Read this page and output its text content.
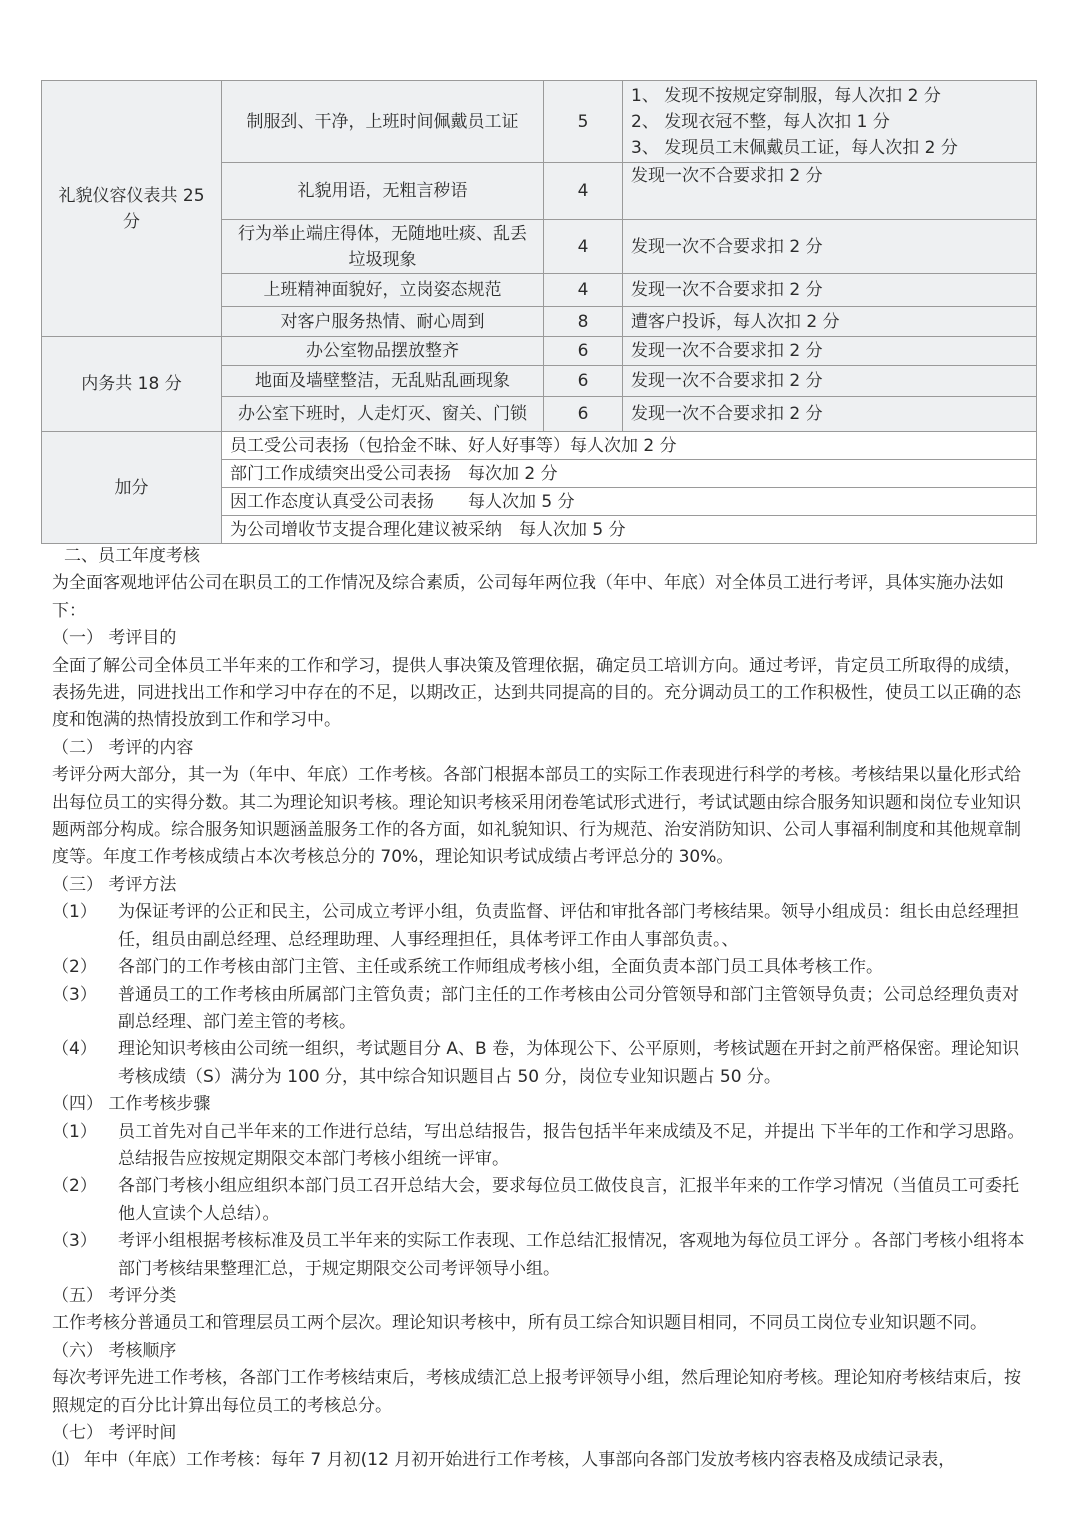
礼貌仪容仪表共 25 分	制服刭、干净，上班时间佩戴员工证	5	1、 发现不按规定穿制服，每人次扣 2 分
2、 发现衣冠不整，每人次扣 1 分
3、 发现员工末佩戴员工证，每人次扣 2 分

	礼貌用语，无粗言秽语	4	发现一次不合要求扣 2 分
	行为举止端庄得体，无随地吐痰、乱丢垃圾现象	4	发现一次不合要求扣 2 分
	上班精神面貌好，立岗姿态规范	4	发现一次不合要求扣 2 分
	对客户服务热情、耐心周到	8	遭客户投诉，每人次扣 2 分
内务共 18 分	办公室物品摆放整齐	6	发现一次不合要求扣 2 分
	地面及墙壁整洁，无乱贴乱画现象	6	发现一次不合要求扣 2 分
	办公室下班时，人走灯灭、窗关、门锁	6	发现一次不合要求扣 2 分
加分	员工受公司表扬（包拾金不昧、好人好事等）每人次加 2 分		
	部门工作成绩突出受公司表扬　每次加 2 分		
	因工作态度认真受公司表扬　　每人次加 5 分		
	为公司增收节支提合理化建议被采纳　每人次加 5 分		

二、员工年度考核

为全面客观地评估公司在职员工的工作情况及综合素质，公司每年两位我（年中、年底）对全体员工进行考评，具体实施办法如下：

（一） 考评目的

全面了解公司全体员工半年来的工作和学习，提供人事决策及管理依据，确定员工培训方向。通过考评，肯定员工所取得的成绩，表扬先进，同进找出工作和学习中存在的不足，以期改正，达到共同提高的目的。充分调动员工的工作积极性，使员工以正确的态度和饱满的热情投放到工作和学习中。

（二） 考评的内容

考评分两大部分，其一为（年中、年底）工作考核。各部门根据本部员工的实际工作表现进行科学的考核。考核结果以量化形式给出每位员工的实得分数。其二为理论知识考核。理论知识考核采用闭卷笔试形式进行，考试试题由综合服务知识题和岗位专业知识题两部分构成。综合服务知识题涵盖服务工作的各方面，如礼貌知识、行为规范、治安消防知识、公司人事福利制度和其他规章制度等。年度工作考核成绩占本次考核总分的 70%，理论知识考试成绩占考评总分的 30%。

（三） 考评方法

（1）	为保证考评的公正和民主，公司成立考评小组，负责监督、评估和审批各部门考核结果。领导小组成员：组长由总经理担任，组员由副总经理、总经理助理、人事经理担任，具体考评工作由人事部负责。、
（2）	各部门的工作考核由部门主管、主任或系统工作师组成考核小组，全面负责本部门员工具体考核工作。
（3）	普通员工的工作考核由所属部门主管负责；部门主任的工作考核由公司分管领导和部门主管领导负责；公司总经理负责对副总经理、部门差主管的考核。
（4）	理论知识考核由公司统一组织，考试题目分 A、B 卷，为体现公下、公平原则，考核试题在开封之前严格保密。理论知识考核成绩（S）满分为 100 分，其中综合知识题目占 50 分，岗位专业知识题占 50 分。

（四） 工作考核步骤

（1）	员工首先对自己半年来的工作进行总结，写出总结报告，报告包括半年来成绩及不足，并提出 下半年的工作和学习思路。总结报告应按规定期限交本部门考核小组统一评审。
（2）	各部门考核小组应组织本部门员工召开总结大会，要求每位员工做伎良言，汇报半年来的工作学习情况（当值员工可委托他人宣读个人总结）。
（3）	考评小组根据考核标准及员工半年来的实际工作表现、工作总结汇报情况，客观地为每位员工评分 。各部门考核小组将本部门考核结果整理汇总，于规定期限交公司考评领导小组。

（五） 考评分类

工作考核分普通员工和管理层员工两个层次。理论知识考核中，所有员工综合知识题目相同，不同员工岗位专业知识题不同。

（六） 考核顺序

每次考评先进工作考核，各部门工作考核结束后，考核成绩汇总上报考评领导小组，然后理论知府考核。理论知府考核结束后，按照规定的百分比计算出每位员工的考核总分。

（七） 考评时间

⑴ 年中（年底）工作考核：每年 7 月初(12 月初开始进行工作考核，人事部向各部门发放考核内容表格及成绩记录表，
